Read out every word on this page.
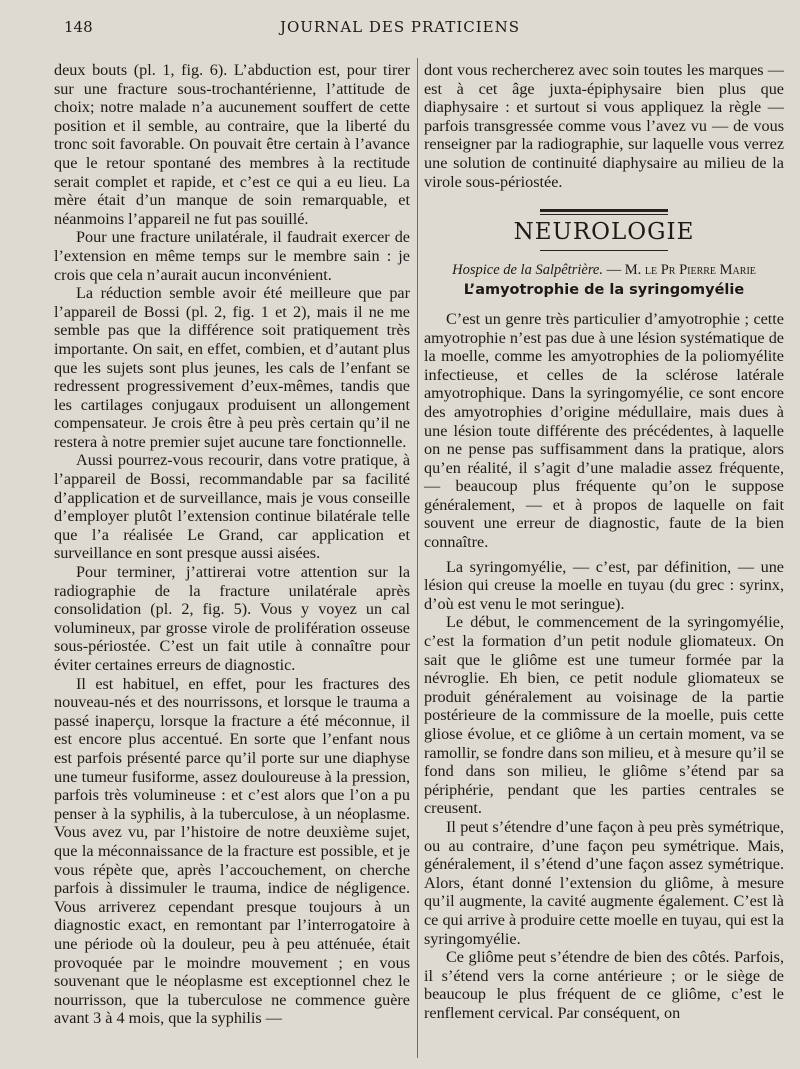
148	JOURNAL DES PRATICIENS

deux bouts (pl. 1, fig. 6). L’abduction est, pour tirer sur une fracture sous-trochantérienne, l’attitude de choix; notre malade n’a aucunement souffert de cette position et il semble, au contraire, que la liberté du tronc soit favorable. On pouvait être certain à l’avance que le retour spontané des membres à la rectitude serait complet et rapide, et c’est ce qui a eu lieu. La mère était d’un manque de soin remarquable, et néanmoins l’appareil ne fut pas souillé.

Pour une fracture unilatérale, il faudrait exercer de l’extension en même temps sur le membre sain : je crois que cela n’aurait aucun inconvénient.

La réduction semble avoir été meilleure que par l’appareil de Bossi (pl. 2, fig. 1 et 2), mais il ne me semble pas que la différence soit pratiquement très importante. On sait, en effet, combien, et d’autant plus que les sujets sont plus jeunes, les cals de l’enfant se redressent progressivement d’eux-mêmes, tandis que les cartilages conjugaux produisent un allongement compensateur. Je crois être à peu près certain qu’il ne restera à notre premier sujet aucune tare fonctionnelle.

Aussi pourrez-vous recourir, dans votre pratique, à l’appareil de Bossi, recommandable par sa facilité d’application et de surveillance, mais je vous conseille d’employer plutôt l’extension continue bilatérale telle que l’a réalisée Le Grand, car application et surveillance en sont presque aussi aisées.

Pour terminer, j’attirerai votre attention sur la radiographie de la fracture unilatérale après consolidation (pl. 2, fig. 5). Vous y voyez un cal volumineux, par grosse virole de prolifération osseuse sous-périostée. C’est un fait utile à connaître pour éviter certaines erreurs de diagnostic.

Il est habituel, en effet, pour les fractures des nouveau-nés et des nourrissons, et lorsque le trauma a passé inaperçu, lorsque la fracture a été méconnue, il est encore plus accentué. En sorte que l’enfant nous est parfois présenté parce qu’il porte sur une diaphyse une tumeur fusiforme, assez douloureuse à la pression, parfois très volumineuse : et c’est alors que l’on a pu penser à la syphilis, à la tuberculose, à un néoplasme. Vous avez vu, par l’histoire de notre deuxième sujet, que la méconnaissance de la fracture est possible, et je vous répète que, après l’accouchement, on cherche parfois à dissimuler le trauma, indice de négligence. Vous arriverez cependant presque toujours à un diagnostic exact, en remontant par l’interrogatoire à une période où la douleur, peu à peu atténuée, était provoquée par le moindre mouvement ; en vous souvenant que le néoplasme est exceptionnel chez le nourrisson, que la tuberculose ne commence guère avant 3 à 4 mois, que la syphilis —

dont vous rechercherez avec soin toutes les marques — est à cet âge juxta-épiphysaire bien plus que diaphysaire : et surtout si vous appliquez la règle — parfois transgressée comme vous l’avez vu — de vous renseigner par la radiographie, sur laquelle vous verrez une solution de continuité diaphysaire au milieu de la virole sous-périostée.

NEUROLOGIE
Hospice de la Salpêtrière. — M. le Pr Pierre Marie
L’amyotrophie de la syringomyélie

C’est un genre très particulier d’amyotrophie ; cette amyotrophie n’est pas due à une lésion systématique de la moelle, comme les amyotrophies de la poliomyélite infectieuse, et celles de la sclérose latérale amyotrophique. Dans la syringomyélie, ce sont encore des amyotrophies d’origine médullaire, mais dues à une lésion toute différente des précédentes, à laquelle on ne pense pas suffisamment dans la pratique, alors qu’en réalité, il s’agit d’une maladie assez fréquente, — beaucoup plus fréquente qu’on le suppose généralement, — et à propos de laquelle on fait souvent une erreur de diagnostic, faute de la bien connaître.

La syringomyélie, — c’est, par définition, — une lésion qui creuse la moelle en tuyau (du grec : syrinx, d’où est venu le mot seringue).

Le début, le commencement de la syringomyélie, c’est la formation d’un petit nodule gliomateux. On sait que le gliôme est une tumeur formée par la névroglie. Eh bien, ce petit nodule gliomateux se produit généralement au voisinage de la partie postérieure de la commissure de la moelle, puis cette gliose évolue, et ce gliôme à un certain moment, va se ramollir, se fondre dans son milieu, et à mesure qu’il se fond dans son milieu, le gliôme s’étend par sa périphérie, pendant que les parties centrales se creusent.

Il peut s’étendre d’une façon à peu près symétrique, ou au contraire, d’une façon peu symétrique. Mais, généralement, il s’étend d’une façon assez symétrique. Alors, étant donné l’extension du gliôme, à mesure qu’il augmente, la cavité augmente également. C’est là ce qui arrive à produire cette moelle en tuyau, qui est la syringomyélie.

Ce gliôme peut s’étendre de bien des côtés. Parfois, il s’étend vers la corne antérieure ; or le siège de beaucoup le plus fréquent de ce gliôme, c’est le renflement cervical. Par conséquent, on
